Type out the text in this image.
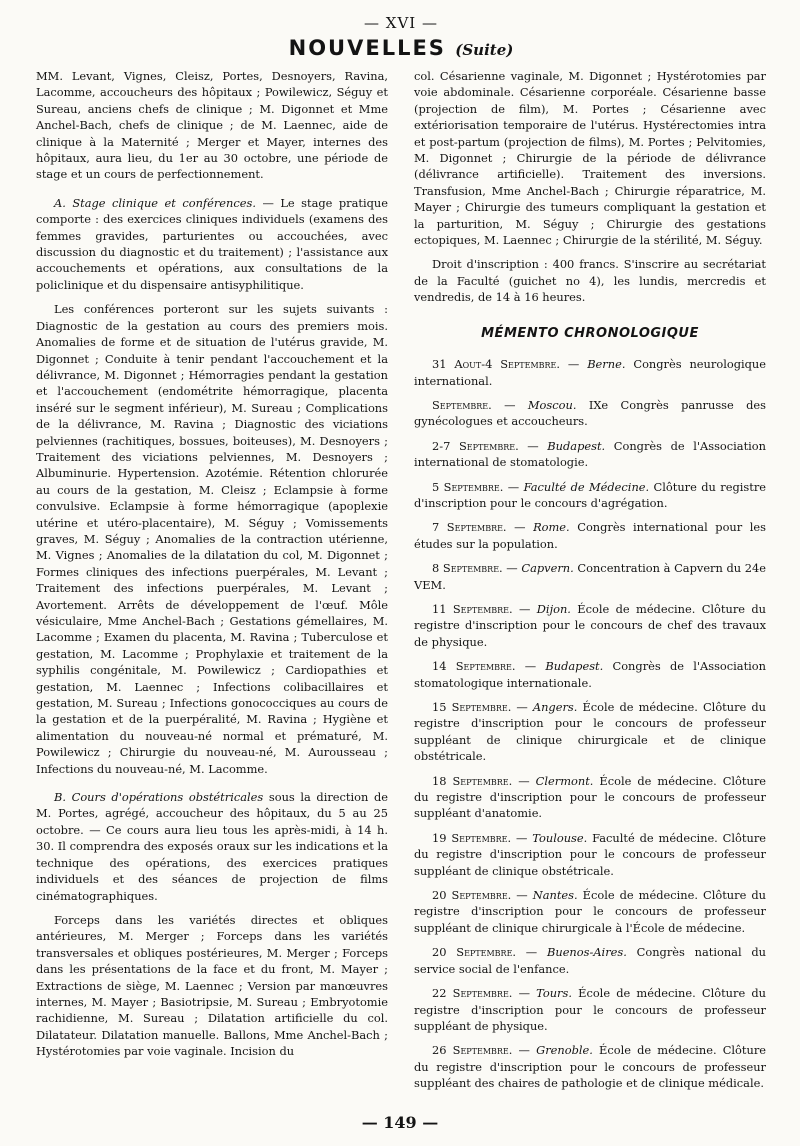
— XVI —
NOUVELLES (Suite)

MM. Levant, Vignes, Cleisz, Portes, Desnoyers, Ravina, Lacomme, accoucheurs des hôpitaux ; Powilewicz, Séguy et Sureau, anciens chefs de clinique ; M. Digonnet et Mme Anchel-Bach, chefs de clinique ; de M. Laennec, aide de clinique à la Maternité ; Merger et Mayer, internes des hôpitaux, aura lieu, du 1er au 30 octobre, une période de stage et un cours de perfectionnement.

A. Stage clinique et conférences. — Le stage pratique comporte : des exercices cliniques individuels (examens des femmes gravides, parturientes ou accouchées, avec discussion du diagnostic et du traitement) ; l'assistance aux accouchements et opérations, aux consultations de la policlinique et du dispensaire antisyphilitique.

Les conférences porteront sur les sujets suivants : Diagnostic de la gestation au cours des premiers mois. Anomalies de forme et de situation de l'utérus gravide, M. Digonnet ; Conduite à tenir pendant l'accouchement et la délivrance, M. Digonnet ; Hémorragies pendant la gestation et l'accouchement (endométrite hémorragique, placenta inséré sur le segment inférieur), M. Sureau ; Complications de la délivrance, M. Ravina ; Diagnostic des viciations pelviennes (rachitiques, bossues, boiteuses), M. Desnoyers ; Traitement des viciations pelviennes, M. Desnoyers ; Albuminurie. Hypertension. Azotémie. Rétention chlorurée au cours de la gestation, M. Cleisz ; Eclampsie à forme convulsive. Eclampsie à forme hémorragique (apoplexie utérine et utéro-placentaire), M. Séguy ; Vomissements graves, M. Séguy ; Anomalies de la contraction utérienne, M. Vignes ; Anomalies de la dilatation du col, M. Digonnet ; Formes cliniques des infections puerpérales, M. Levant ; Traitement des infections puerpérales, M. Levant ; Avortement. Arrêts de développement de l'œuf. Môle vésiculaire, Mme Anchel-Bach ; Gestations gémellaires, M. Lacomme ; Examen du placenta, M. Ravina ; Tuberculose et gestation, M. Lacomme ; Prophylaxie et traitement de la syphilis congénitale, M. Powilewicz ; Cardiopathies et gestation, M. Laennec ; Infections colibacillaires et gestation, M. Sureau ; Infections gonococciques au cours de la gestation et de la puerpéralité, M. Ravina ; Hygiène et alimentation du nouveau-né normal et prématuré, M. Powilewicz ; Chirurgie du nouveau-né, M. Aurousseau ; Infections du nouveau-né, M. Lacomme.

B. Cours d'opérations obstétricales sous la direction de M. Portes, agrégé, accoucheur des hôpitaux, du 5 au 25 octobre. — Ce cours aura lieu tous les après-midi, à 14 h. 30. Il comprendra des exposés oraux sur les indications et la technique des opérations, des exercices pratiques individuels et des séances de projection de films cinématographiques.

Forceps dans les variétés directes et obliques antérieures, M. Merger ; Forceps dans les variétés transversales et obliques postérieures, M. Merger ; Forceps dans les présentations de la face et du front, M. Mayer ; Extractions de siège, M. Laennec ; Version par manœuvres internes, M. Mayer ; Basiotripsie, M. Sureau ; Embryotomie rachidienne, M. Sureau ; Dilatation artificielle du col. Dilatateur. Dilatation manuelle. Ballons, Mme Anchel-Bach ; Hystérotomies par voie vaginale. Incision du

col. Césarienne vaginale, M. Digonnet ; Hystérotomies par voie abdominale. Césarienne corporéale. Césarienne basse (projection de film), M. Portes ; Césarienne avec extériorisation temporaire de l'utérus. Hystérectomies intra et post-partum (projection de films), M. Portes ; Pelvitomies, M. Digonnet ; Chirurgie de la période de délivrance (délivrance artificielle). Traitement des inversions. Transfusion, Mme Anchel-Bach ; Chirurgie réparatrice, M. Mayer ; Chirurgie des tumeurs compliquant la gestation et la parturition, M. Séguy ; Chirurgie des gestations ectopiques, M. Laennec ; Chirurgie de la stérilité, M. Séguy.

Droit d'inscription : 400 francs. S'inscrire au secrétariat de la Faculté (guichet no 4), les lundis, mercredis et vendredis, de 14 à 16 heures.

MÉMENTO CHRONOLOGIQUE

31 Aout-4 Septembre. — Berne. Congrès neurologique international.

Septembre. — Moscou. IXe Congrès panrusse des gynécologues et accoucheurs.

2-7 Septembre. — Budapest. Congrès de l'Association international de stomatologie.

5 Septembre. — Faculté de Médecine. Clôture du registre d'inscription pour le concours d'agrégation.

7 Septembre. — Rome. Congrès international pour les études sur la population.

8 Septembre. — Capvern. Concentration à Capvern du 24e VEM.

11 Septembre. — Dijon. École de médecine. Clôture du registre d'inscription pour le concours de chef des travaux de physique.

14 Septembre. — Budapest. Congrès de l'Association stomatologique internationale.

15 Septembre. — Angers. École de médecine. Clôture du registre d'inscription pour le concours de professeur suppléant de clinique chirurgicale et de clinique obstétricale.

18 Septembre. — Clermont. École de médecine. Clôture du registre d'inscription pour le concours de professeur suppléant d'anatomie.

19 Septembre. — Toulouse. Faculté de médecine. Clôture du registre d'inscription pour le concours de professeur suppléant de clinique obstétricale.

20 Septembre. — Nantes. École de médecine. Clôture du registre d'inscription pour le concours de professeur suppléant de clinique chirurgicale à l'École de médecine.

20 Septembre. — Buenos-Aires. Congrès national du service social de l'enfance.

22 Septembre. — Tours. École de médecine. Clôture du registre d'inscription pour le concours de professeur suppléant de physique.

26 Septembre. — Grenoble. École de médecine. Clôture du registre d'inscription pour le concours de professeur suppléant des chaires de pathologie et de clinique médicale.

— 149 —
